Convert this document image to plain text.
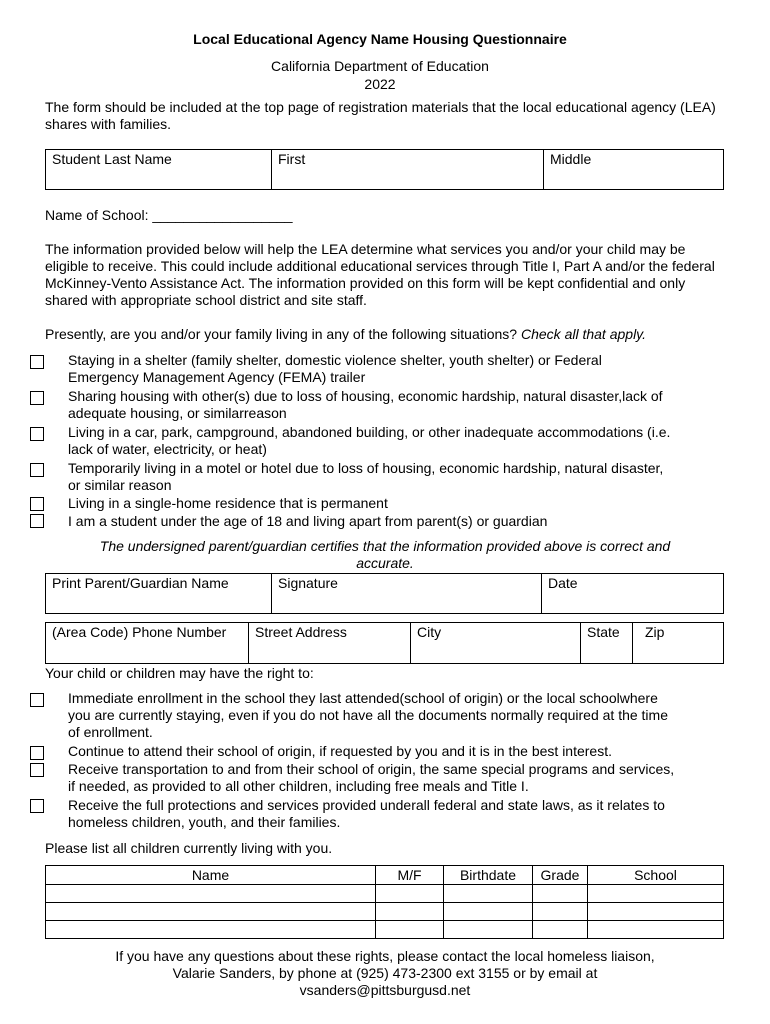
Local Educational Agency Name Housing Questionnaire
California Department of Education
2022
The form should be included at the top page of registration materials that the local educational agency (LEA) shares with families.
Student Last Name	First	Middle
Name of School: __________________
The information provided below will help the LEA determine what services you and/or your child may be eligible to receive. This could include additional educational services through Title I, Part A and/or the federal McKinney-Vento Assistance Act. The information provided on this form will be kept confidential and only shared with appropriate school district and site staff.
Presently, are you and/or your family living in any of the following situations? Check all that apply.
Staying in a shelter (family shelter, domestic violence shelter, youth shelter) or Federal
Emergency Management Agency (FEMA) trailer
Sharing housing with other(s) due to loss of housing, economic hardship, natural disaster,lack of
adequate housing, or similarreason
Living in a car, park, campground, abandoned building, or other inadequate accommodations (i.e.
lack of water, electricity, or heat)
Temporarily living in a motel or hotel due to loss of housing, economic hardship, natural disaster,
or similar reason
Living in a single-home residence that is permanent
I am a student under the age of 18 and living apart from parent(s) or guardian
The undersigned parent/guardian certifies that the information provided above is correct and
accurate.
Print Parent/Guardian Name	Signature	Date
(Area Code) Phone Number	Street Address	City	State	Zip
Your child or children may have the right to:
Immediate enrollment in the school they last attended(school of origin) or the local schoolwhere
you are currently staying, even if you do not have all the documents normally required at the time
of enrollment.
Continue to attend their school of origin, if requested by you and it is in the best interest.
Receive transportation to and from their school of origin, the same special programs and services,
if needed, as provided to all other children, including free meals and Title I.
Receive the full protections and services provided underall federal and state laws, as it relates to
homeless children, youth, and their families.
Please list all children currently living with you.
Name	M/F	Birthdate	Grade	School

If you have any questions about these rights, please contact the local homeless liaison,
Valarie Sanders, by phone at (925) 473-2300 ext 3155 or by email at
vsanders@pittsburgusd.net
